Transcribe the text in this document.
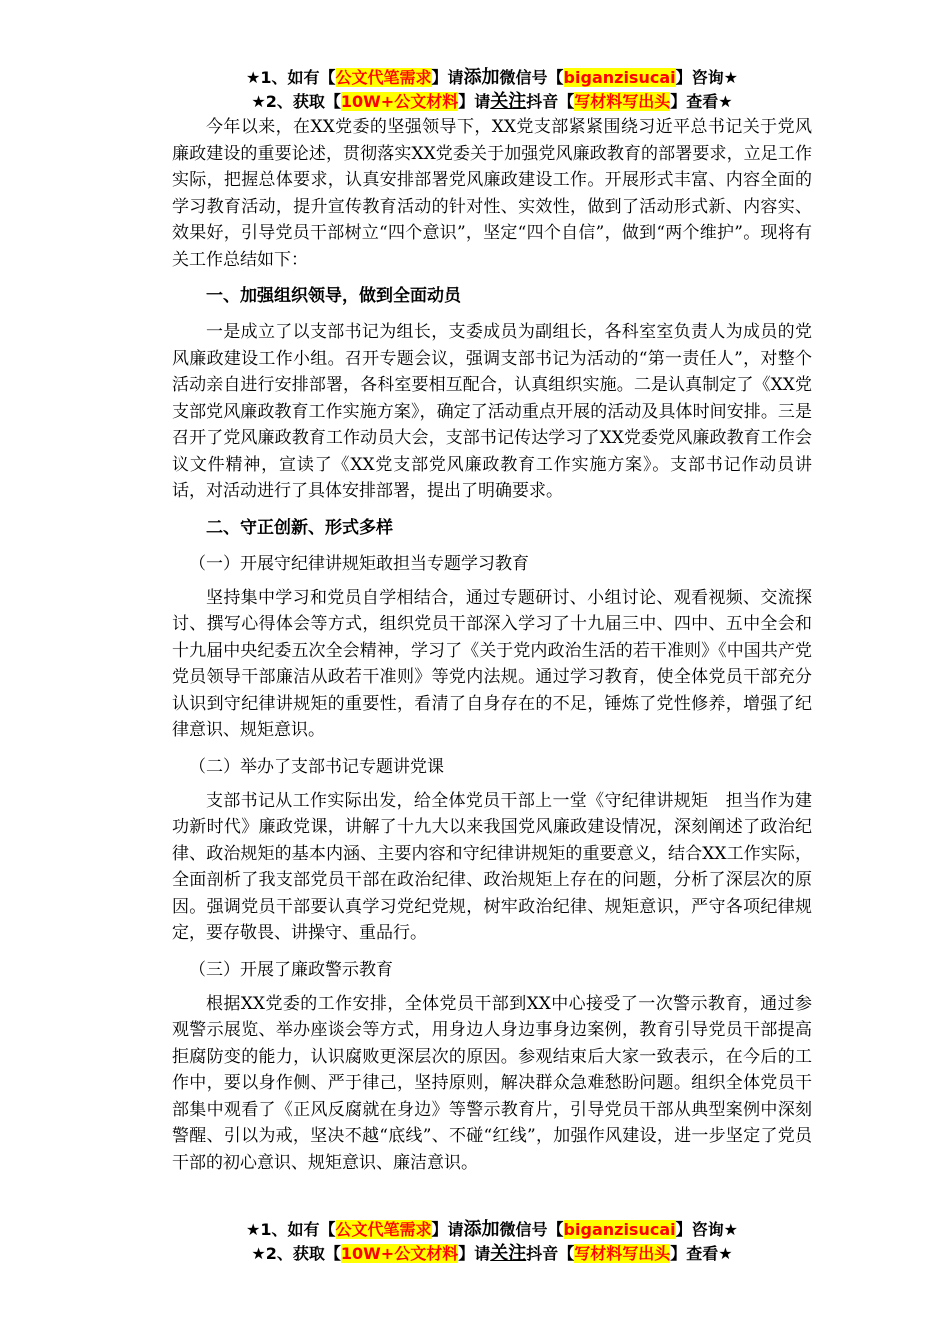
★1、如有【公文代笔需求】请添加微信号【biganzisucai】咨询★
★2、获取【10W+公文材料】请关注抖音【写材料写出头】查看★

今年以来，在XX党委的坚强领导下，XX党支部紧紧围绕习近平总书记关于党风廉政建设的重要论述，贯彻落实XX党委关于加强党风廉政教育的部署要求，立足工作实际，把握总体要求，认真安排部署党风廉政建设工作。开展形式丰富、内容全面的学习教育活动，提升宣传教育活动的针对性、实效性，做到了活动形式新、内容实、效果好，引导党员干部树立“四个意识”，坚定“四个自信”，做到“两个维护”。现将有关工作总结如下：

一、加强组织领导，做到全面动员

一是成立了以支部书记为组长，支委成员为副组长，各科室室负责人为成员的党风廉政建设工作小组。召开专题会议，强调支部书记为活动的“第一责任人”，对整个活动亲自进行安排部署，各科室要相互配合，认真组织实施。二是认真制定了《XX党支部党风廉政教育工作实施方案》，确定了活动重点开展的活动及具体时间安排。三是召开了党风廉政教育工作动员大会，支部书记传达学习了XX党委党风廉政教育工作会议文件精神，宣读了《XX党支部党风廉政教育工作实施方案》。支部书记作动员讲话，对活动进行了具体安排部署，提出了明确要求。

二、守正创新、形式多样
（一）开展守纪律讲规矩敢担当专题学习教育

坚持集中学习和党员自学相结合，通过专题研讨、小组讨论、观看视频、交流探讨、撰写心得体会等方式，组织党员干部深入学习了十九届三中、四中、五中全会和十九届中央纪委五次全会精神，学习了《关于党内政治生活的若干准则》《中国共产党党员领导干部廉洁从政若干准则》等党内法规。通过学习教育，使全体党员干部充分认识到守纪律讲规矩的重要性，看清了自身存在的不足，锤炼了党性修养，增强了纪律意识、规矩意识。

（二）举办了支部书记专题讲党课

支部书记从工作实际出发，给全体党员干部上一堂《守纪律讲规矩　担当作为建功新时代》廉政党课，讲解了十九大以来我国党风廉政建设情况，深刻阐述了政治纪律、政治规矩的基本内涵、主要内容和守纪律讲规矩的重要意义，结合XX工作实际，全面剖析了我支部党员干部在政治纪律、政治规矩上存在的问题，分析了深层次的原因。强调党员干部要认真学习党纪党规，树牢政治纪律、规矩意识，严守各项纪律规定，要存敬畏、讲操守、重品行。

（三）开展了廉政警示教育

根据XX党委的工作安排，全体党员干部到XX中心接受了一次警示教育，通过参观警示展览、举办座谈会等方式，用身边人身边事身边案例，教育引导党员干部提高拒腐防变的能力，认识腐败更深层次的原因。参观结束后大家一致表示，在今后的工作中，要以身作侧、严于律己，坚持原则，解决群众急难愁盼问题。组织全体党员干部集中观看了《正风反腐就在身边》等警示教育片，引导党员干部从典型案例中深刻警醒、引以为戒，坚决不越“底线”、不碰“红线”，加强作风建设，进一步坚定了党员干部的初心意识、规矩意识、廉洁意识。

★1、如有【公文代笔需求】请添加微信号【biganzisucai】咨询★
★2、获取【10W+公文材料】请关注抖音【写材料写出头】查看★
